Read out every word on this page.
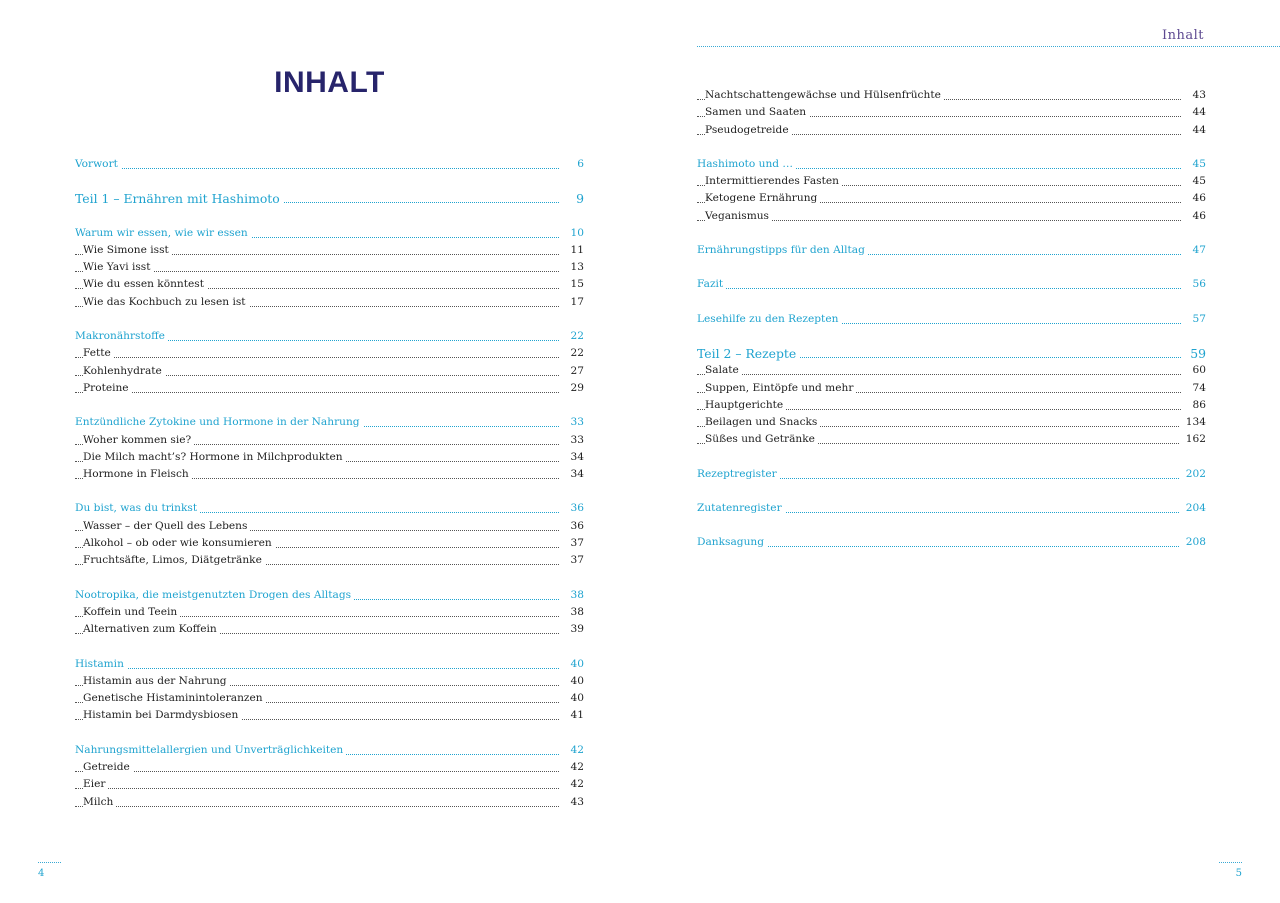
Inhalt
INHALT
Vorwort	6
Teil 1 – Ernähren mit Hashimoto	9
Warum wir essen, wie wir essen	10
Wie Simone isst	11
Wie Yavi isst	13
Wie du essen könntest	15
Wie das Kochbuch zu lesen ist	17
Makronährstoffe	22
Fette	22
Kohlenhydrate	27
Proteine	29
Entzündliche Zytokine und Hormone in der Nahrung	33
Woher kommen sie?	33
Die Milch macht’s? Hormone in Milchprodukten	34
Hormone in Fleisch	34
Du bist, was du trinkst	36
Wasser – der Quell des Lebens	36
Alkohol – ob oder wie konsumieren	37
Fruchtsäfte, Limos, Diätgetränke	37
Nootropika, die meistgenutzten Drogen des Alltags	38
Koffein und Teein	38
Alternativen zum Koffein	39
Histamin	40
Histamin aus der Nahrung	40
Genetische Histaminintoleranzen	40
Histamin bei Darmdysbiosen	41
Nahrungsmittelallergien und Unverträglichkeiten	42
Getreide	42
Eier	42
Milch	43
Nachtschattengewächse und Hülsenfrüchte	43
Samen und Saaten	44
Pseudogetreide	44
Hashimoto und …	45
Intermittierendes Fasten	45
Ketogene Ernährung	46
Veganismus	46
Ernährungstipps für den Alltag	47
Fazit	56
Lesehilfe zu den Rezepten	57
Teil 2 – Rezepte	59
Salate	60
Suppen, Eintöpfe und mehr	74
Hauptgerichte	86
Beilagen und Snacks	134
Süßes und Getränke	162
Rezeptregister	202
Zutatenregister	204
Danksagung	208
4	5
